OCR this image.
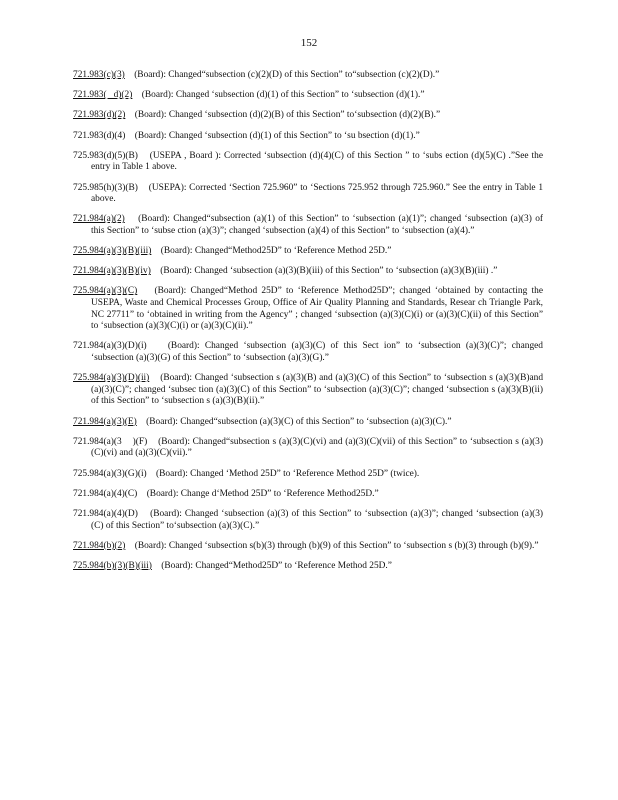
152
721.983(c)(3) (Board): Changed“subsection (c)(2)(D) of this Section” to“subsection (c)(2)(D).”
721.983(   d)(2) (Board): Changed ‘subsection (d)(1) of this Section” to ‘subsection (d)(1).”
721.983(d)(2) (Board): Changed ‘subsection (d)(2)(B) of this Section” to‘subsection (d)(2)(B).”
721.983(d)(4) (Board): Changed ‘subsection (d)(1) of this Section” to ‘su bsection (d)(1).”
725.983(d)(5)(B) (USEPA , Board ): Corrected ‘subsection (d)(4)(C) of this Section ” to ‘subs ection (d)(5)(C) .”See the entry in Table 1 above.
725.985(h)(3)(B) (USEPA): Corrected ‘Section 725.960” to ‘Sections 725.952 through 725.960.” See the entry in Table 1 above.
721.984(a)(2) (Board): Changed“subsection (a)(1) of this Section” to ‘subsection (a)(1)”; changed ‘subsection (a)(3) of this Section” to ‘subse ction (a)(3)”; changed ‘subsection (a)(4) of this Section” to ‘subsection (a)(4).”
725.984(a)(3)(B)(iii) (Board): Changed“Method25D” to ‘Reference Method 25D.”
721.984(a)(3)(B)(iv) (Board): Changed ‘subsection (a)(3)(B)(iii) of this Section” to ‘subsection (a)(3)(B)(iii) .”
725.984(a)(3)(C) (Board): Changed“Method 25D” to ‘Reference Method25D”; changed ‘obtained by contacting the USEPA, Waste and Chemical Processes Group, Office of Air Quality Planning and Standards, Resear ch Triangle Park, NC 27711” to ‘obtained in writing from the Agency” ; changed ‘subsection (a)(3)(C)(i) or (a)(3)(C)(ii) of this Section” to ‘subsection (a)(3)(C)(i) or (a)(3)(C)(ii).”
721.984(a)(3)(D)(i) (Board): Changed ‘subsection (a)(3)(C) of this Sect ion” to ‘subsection (a)(3)(C)”; changed ‘subsection (a)(3)(G) of this Section” to ‘subsection (a)(3)(G).”
725.984(a)(3)(D)(ii) (Board): Changed ‘subsection s (a)(3)(B) and (a)(3)(C) of this Section” to ‘subsection s (a)(3)(B)and (a)(3)(C)”; changed ‘subsec tion (a)(3)(C) of this Section” to ‘subsection (a)(3)(C)”; changed ‘subsection s (a)(3)(B)(ii) of this Section” to ‘subsection s (a)(3)(B)(ii).”
721.984(a)(3)(E) (Board): Changed“subsection (a)(3)(C) of this Section” to ‘subsection (a)(3)(C).”
721.984(a)(3    )(F) (Board): Changed“subsection s (a)(3)(C)(vi) and (a)(3)(C)(vii) of this Section” to ‘subsection s (a)(3)(C)(vi) and (a)(3)(C)(vii).”
725.984(a)(3)(G)(i) (Board): Changed ‘Method 25D” to ‘Reference Method 25D” (twice).
721.984(a)(4)(C) (Board): Change d‘Method 25D” to ‘Reference Method25D.”
721.984(a)(4)(D) (Board): Changed ‘subsection (a)(3) of this Section” to ‘subsection (a)(3)”; changed ‘subsection (a)(3)(C) of this Section” to‘subsection (a)(3)(C).”
721.984(b)(2) (Board): Changed ‘subsection s(b)(3) through (b)(9) of this Section” to ‘subsection s (b)(3) through (b)(9).”
725.984(b)(3)(B)(iii) (Board): Changed“Method25D” to ‘Reference Method 25D.”
